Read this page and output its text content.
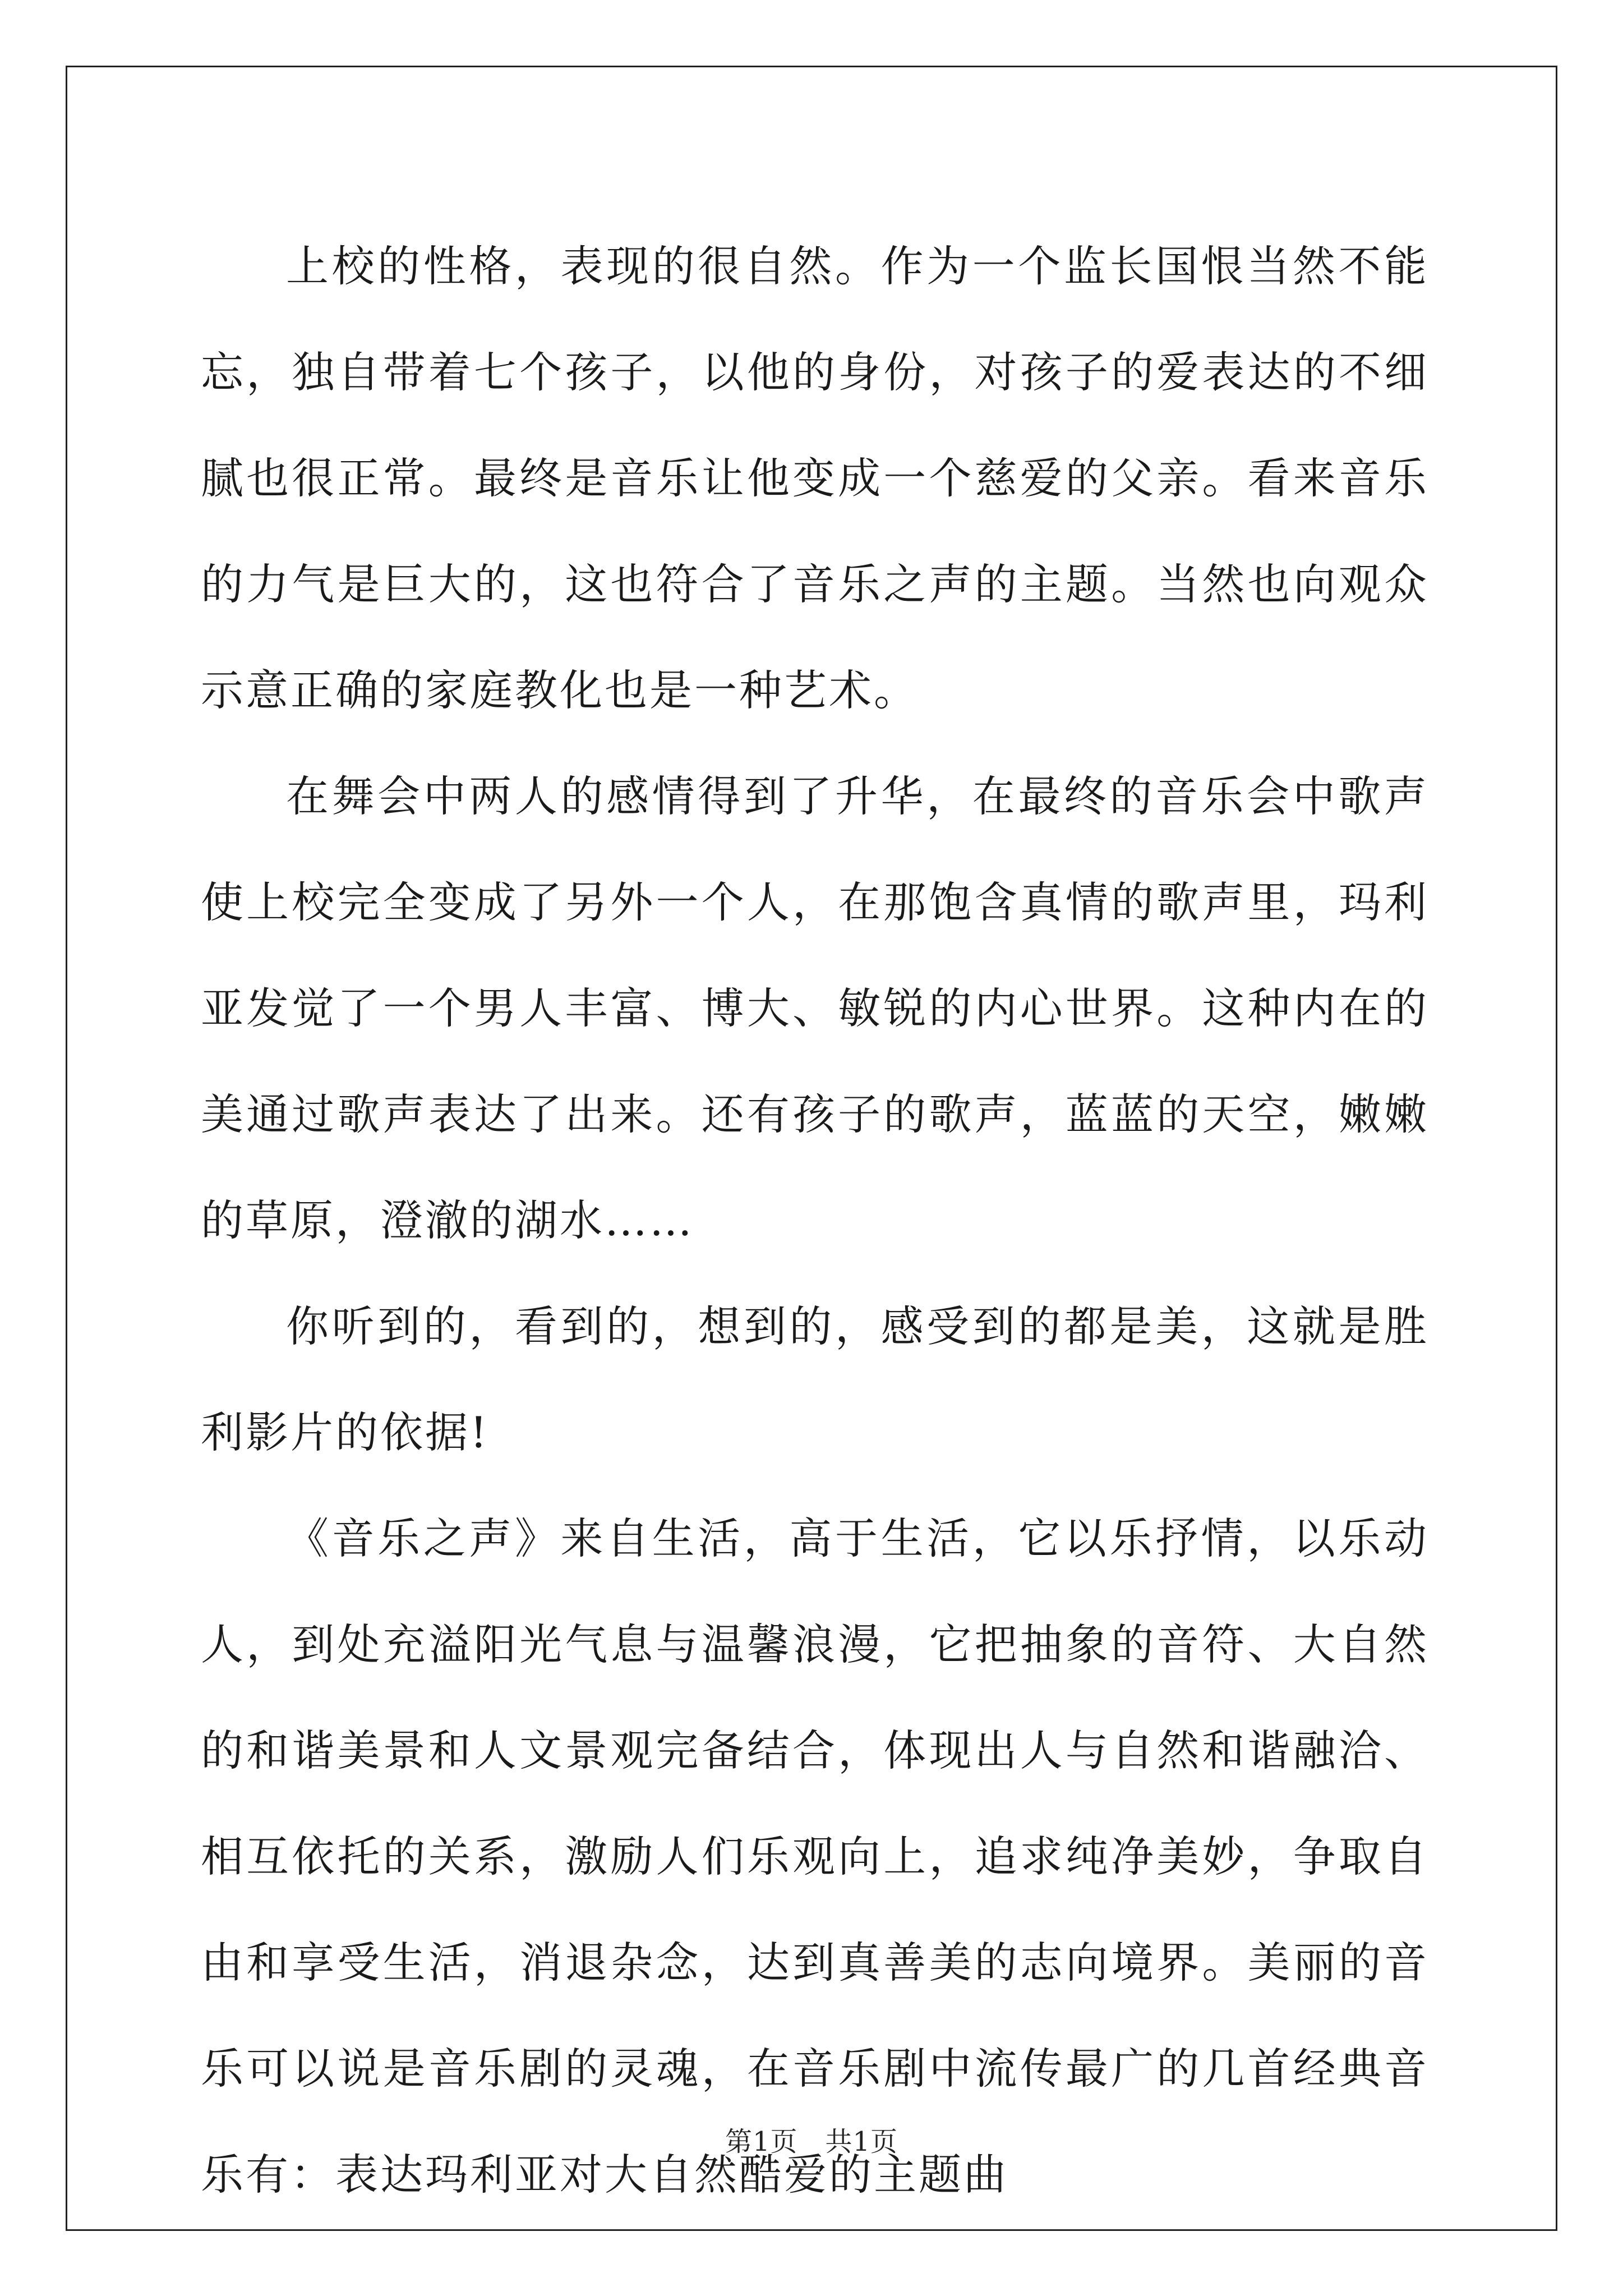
上校的性格，表现的很自然。作为一个监长国恨当然不能忘，独自带着七个孩子，以他的身份，对孩子的爱表达的不细腻也很正常。最终是音乐让他变成一个慈爱的父亲。看来音乐的力气是巨大的，这也符合了音乐之声的主题。当然也向观众示意正确的家庭教化也是一种艺术。

在舞会中两人的感情得到了升华，在最终的音乐会中歌声使上校完全变成了另外一个人，在那饱含真情的歌声里，玛利亚发觉了一个男人丰富、博大、敏锐的内心世界。这种内在的美通过歌声表达了出来。还有孩子的歌声，蓝蓝的天空，嫩嫩的草原，澄澈的湖水……

你听到的，看到的，想到的，感受到的都是美，这就是胜利影片的依据!

《音乐之声》来自生活，高于生活，它以乐抒情，以乐动人，到处充溢阳光气息与温馨浪漫，它把抽象的音符、大自然的和谐美景和人文景观完备结合，体现出人与自然和谐融洽、相互依托的关系，激励人们乐观向上，追求纯净美妙，争取自由和享受生活，消退杂念，达到真善美的志向境界。美丽的音乐可以说是音乐剧的灵魂，在音乐剧中流传最广的几首经典音乐有：表达玛利亚对大自然酷爱的主题曲

第1页　共1页
